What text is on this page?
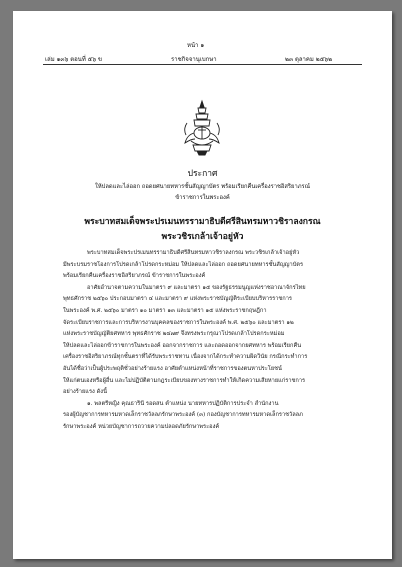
หน้า ๑
เล่ม ๑๓๖ ตอนที่ ๕๖ ข	ราชกิจจานุเบกษา	๒๓ ตุลาคม ๒๕๖๒
ประกาศ
ให้ปลดและไล่ออก ถอดยศนายทหารชั้นสัญญาบัตร พร้อมเรียกคืนเครื่องราชอิสริยาภรณ์
ข้าราชการในพระองค์
พระบาทสมเด็จพระปรเมนทรรามาธิบดีศรีสินทรมหาวชิราลงกรณ
พระวชิรเกล้าเจ้าอยู่หัว

พระบาทสมเด็จพระปรเมนทรรามาธิบดีศรีสินทรมหาวชิราลงกรณ พระวชิรเกล้าเจ้าอยู่หัว

มีพระบรมราชโองการโปรดเกล้าโปรดกระหม่อม ให้ปลดและไล่ออก ถอดยศนายทหารชั้นสัญญาบัตร

พร้อมเรียกคืนเครื่องราชอิสริยาภรณ์ ข้าราชการในพระองค์

อาศัยอำนาจตามความในมาตรา ๙ และมาตรา ๑๕ ของรัฐธรรมนูญแห่งราชอาณาจักรไทย

พุทธศักราช ๒๕๖๐ ประกอบมาตรา ๔ และมาตรา ๙ แห่งพระราชบัญญัติระเบียบบริหารราชการ

ในพระองค์ พ.ศ. ๒๕๖๐ มาตรา ๑๐ มาตรา ๑๓ และมาตรา ๑๕ แห่งพระราชกฤษฎีกา

จัดระเบียบราชการและการบริหารงานบุคคลของราชการในพระองค์ พ.ศ. ๒๕๖๐ และมาตรา ๑๒

แห่งพระราชบัญญัติยศทหาร พุทธศักราช ๒๔๗๙ จึงทรงพระกรุณาโปรดเกล้าโปรดกระหม่อม

ให้ปลดและไล่ออกข้าราชการในพระองค์ ออกจากราชการ และถอดออกจากยศทหาร พร้อมเรียกคืน

เครื่องราชอิสริยาภรณ์ทุกชั้นตราที่ได้รับพระราชทาน เนื่องจากได้กระทำความผิดวินัย กรณีกระทำการ

อันได้ชื่อว่าเป็นผู้ประพฤติชั่วอย่างร้ายแรง อาศัยตำแหน่งหน้าที่ราชการของตนหาประโยชน์

ให้แก่ตนเองหรือผู้อื่น และไม่ปฏิบัติตามกฎระเบียบของทางราชการทำให้เกิดความเสียหายแก่ราชการ

อย่างร้ายแรง ดังนี้

๑. พลตรีหญิง คุณธารินี รอดสน ตำแหน่ง นายทหารปฏิบัติการประจำ สำนักงาน

รองผู้บัญชาการทหารมหาดเล็กราชวัลลภรักษาพระองค์ (๓) กองบัญชาการทหารมหาดเล็กราชวัลลภ

รักษาพระองค์ หน่วยบัญชาการถวายความปลอดภัยรักษาพระองค์
